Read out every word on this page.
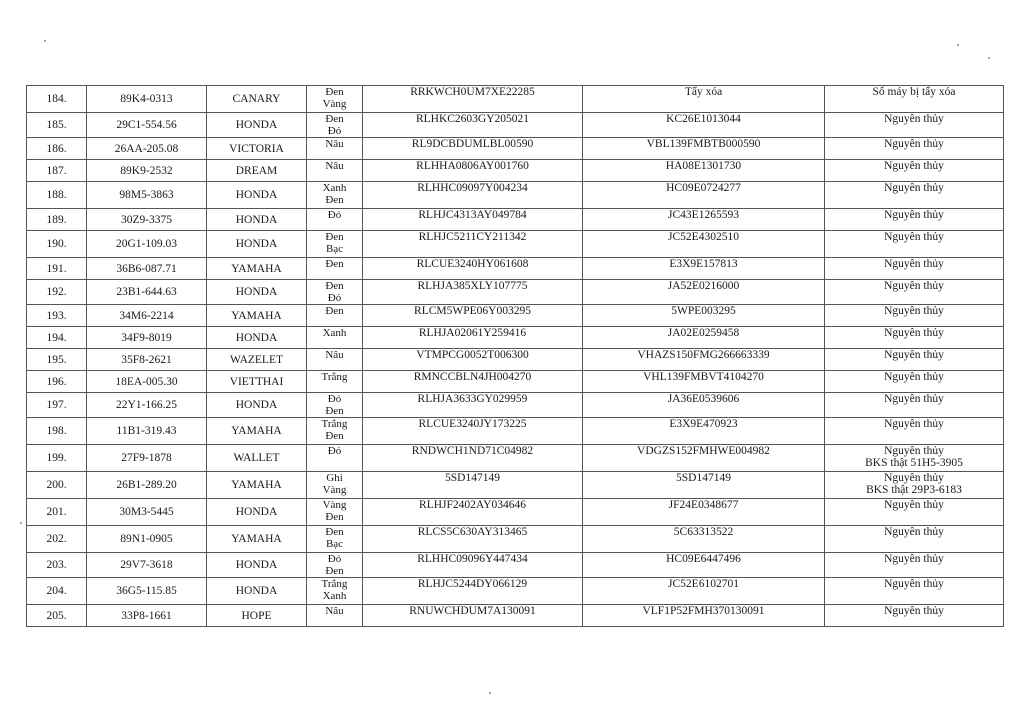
184.	89K4-0313	CANARY	Đen Vàng	RRKWCH0UM7XE22285	Tẩy xóa	Số máy bị tẩy xóa
185.	29C1-554.56	HONDA	Đen Đỏ	RLHKC2603GY205021	KC26E1013044	Nguyên thủy
186.	26AA-205.08	VICTORIA	Nâu	RL9DCBDUMLBL00590	VBL139FMBTB000590	Nguyên thủy
187.	89K9-2532	DREAM	Nâu	RLHHA0806AY001760	HA08E1301730	Nguyên thủy
188.	98M5-3863	HONDA	Xanh Đen	RLHHC09097Y004234	HC09E0724277	Nguyên thủy
189.	30Z9-3375	HONDA	Đỏ	RLHJC4313AY049784	JC43E1265593	Nguyên thủy
190.	20G1-109.03	HONDA	Đen Bạc	RLHJC5211CY211342	JC52E4302510	Nguyên thủy
191.	36B6-087.71	YAMAHA	Đen	RLCUE3240HY061608	E3X9E157813	Nguyên thủy
192.	23B1-644.63	HONDA	Đen Đỏ	RLHJA385XLY107775	JA52E0216000	Nguyên thủy
193.	34M6-2214	YAMAHA	Đen	RLCM5WPE06Y003295	5WPE003295	Nguyên thủy
194.	34F9-8019	HONDA	Xanh	RLHJA02061Y259416	JA02E0259458	Nguyên thủy
195.	35F8-2621	WAZELET	Nâu	VTMPCG0052T006300	VHAZS150FMG266663339	Nguyên thủy
196.	18EA-005.30	VIETTHAI	Trắng	RMNCCBLN4JH004270	VHL139FMBVT4104270	Nguyên thủy
197.	22Y1-166.25	HONDA	Đỏ Đen	RLHJA3633GY029959	JA36E0539606	Nguyên thủy
198.	11B1-319.43	YAMAHA	Trắng Đen	RLCUE3240JY173225	E3X9E470923	Nguyên thủy
199.	27F9-1878	WALLET	Đỏ	RNDWCH1ND71C04982	VDGZS152FMHWE004982	Nguyên thủy
BKS thật 51H5-3905
200.	26B1-289.20	YAMAHA	Ghi Vàng	5SD147149	5SD147149	Nguyên thủy
BKS thật 29P3-6183
201.	30M3-5445	HONDA	Vàng Đen	RLHJF2402AY034646	JF24E0348677	Nguyên thủy
202.	89N1-0905	YAMAHA	Đen Bạc	RLCS5C630AY313465	5C63313522	Nguyên thủy
203.	29V7-3618	HONDA	Đỏ Đen	RLHHC09096Y447434	HC09E6447496	Nguyên thủy
204.	36G5-115.85	HONDA	Trắng Xanh	RLHJC5244DY066129	JC52E6102701	Nguyên thủy
205.	33P8-1661	HOPE	Nâu	RNUWCHDUM7A130091	VLF1P52FMH370130091	Nguyên thủy
